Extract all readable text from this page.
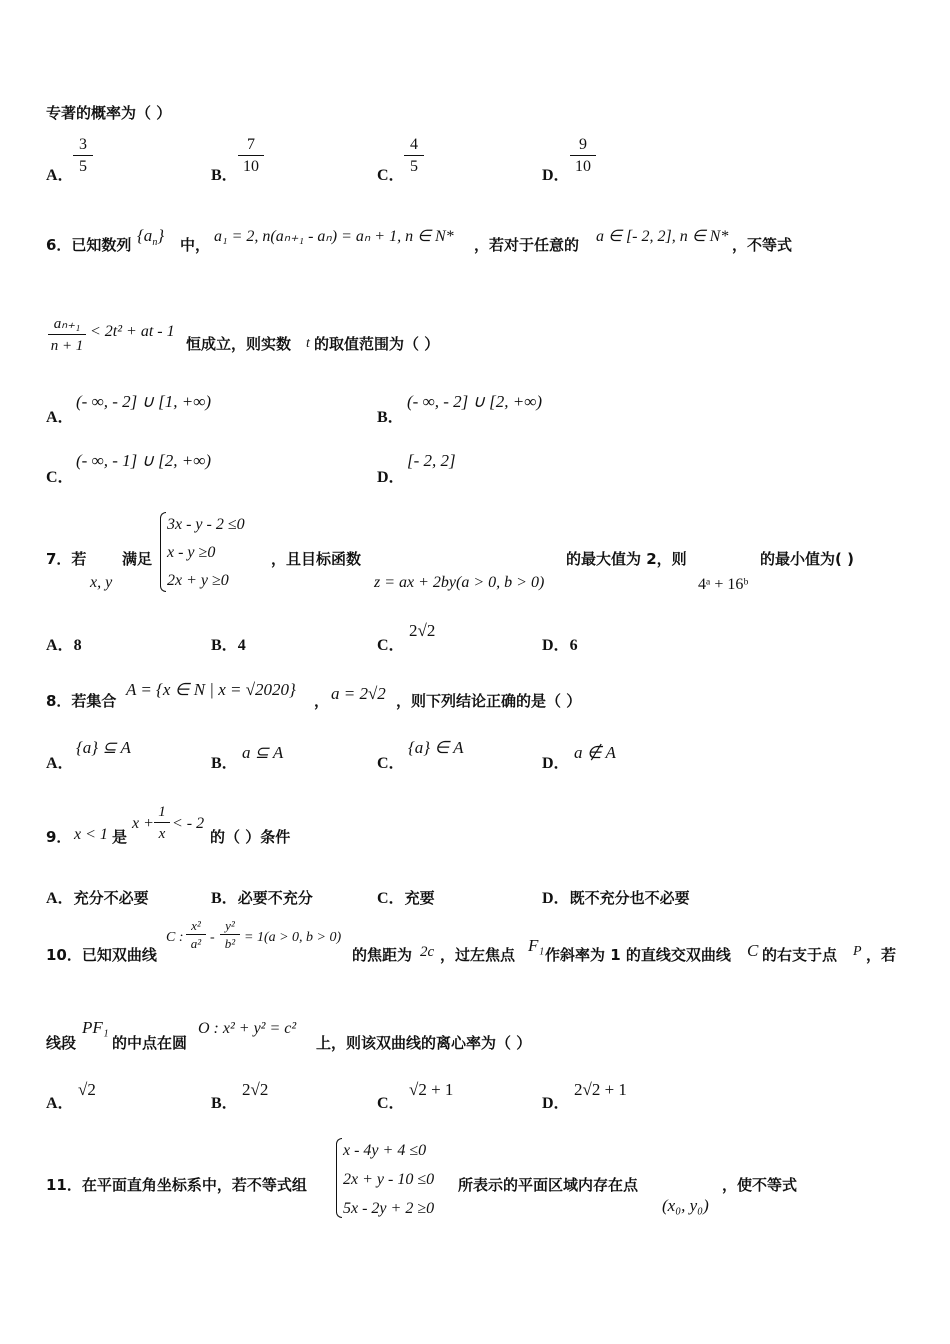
专著的概率为（ ）
A． $\frac{3}{5}$	B． $\frac{7}{10}$	C． $\frac{4}{5}$	D． $\frac{9}{10}$
6．已知数列 $\{a_n\}$ 中， a₁ = 2, n(aₙ₊₁ - aₙ) = aₙ + 1, n ∈ N* ，若对于任意的 a ∈ [- 2, 2], n ∈ N* ，不等式
$\frac{\text{aₙ₊₁}}{n + 1} < 2t^2$ + at - 1
恒成立，则实数 t 的取值范围为（ ）
A．
(- ∞, - 2] ∪ [1, +∞)
B．
(- ∞, - 2] ∪ [2, +∞)
C．
(- ∞, - 1] ∪ [2, +∞)
D．
[- 2, 2]
7．若
x, y
满足
3x - y - 2 ≤0
x - y ≥0
2x + y ≥0
，且目标函数
z = ax + 2by(a > 0, b > 0)
的最大值为 2，则
4ᵃ + 16ᵇ
的最小值为( )
A．8	B．4	C．
2√2
D．6
8．若集合
A = {x ∈ N | x = √2020}
， a = 2√2 ，则下列结论正确的是（ ）
A．
{a} ⊆ A
B．
a ⊆ A
C．
{a} ∈ A
D．
a ∉ A
9． x < 1 是
$x + \frac{1}{x}$ < - 2
的（ ）条件
A．充分不必要	B．必要不充分	C．充要	D．既不充分也不必要
10．已知双曲线
C : $\frac{\text{x²}}{\text{a²}} - \frac{\text{y²}}{\text{b²}} = 1(a > 0$, b > 0)
的焦距为 2c ，过左焦点 F₁ 作斜率为 1 的直线交双曲线 C 的右支于点 P ，若
线段
PF₁
的中点在圆
O : x² + y² = c²
上，则该双曲线的离心率为（ ）
A．
√2
B．
2√2
C．
√2 + 1
D．
2√2 + 1
11．在平面直角坐标系中，若不等式组
x - 4y + 4 ≤0
2x + y - 10 ≤0
5x - 2y + 2 ≥0
所表示的平面区域内存在点
(x₀, y₀)
，使不等式
